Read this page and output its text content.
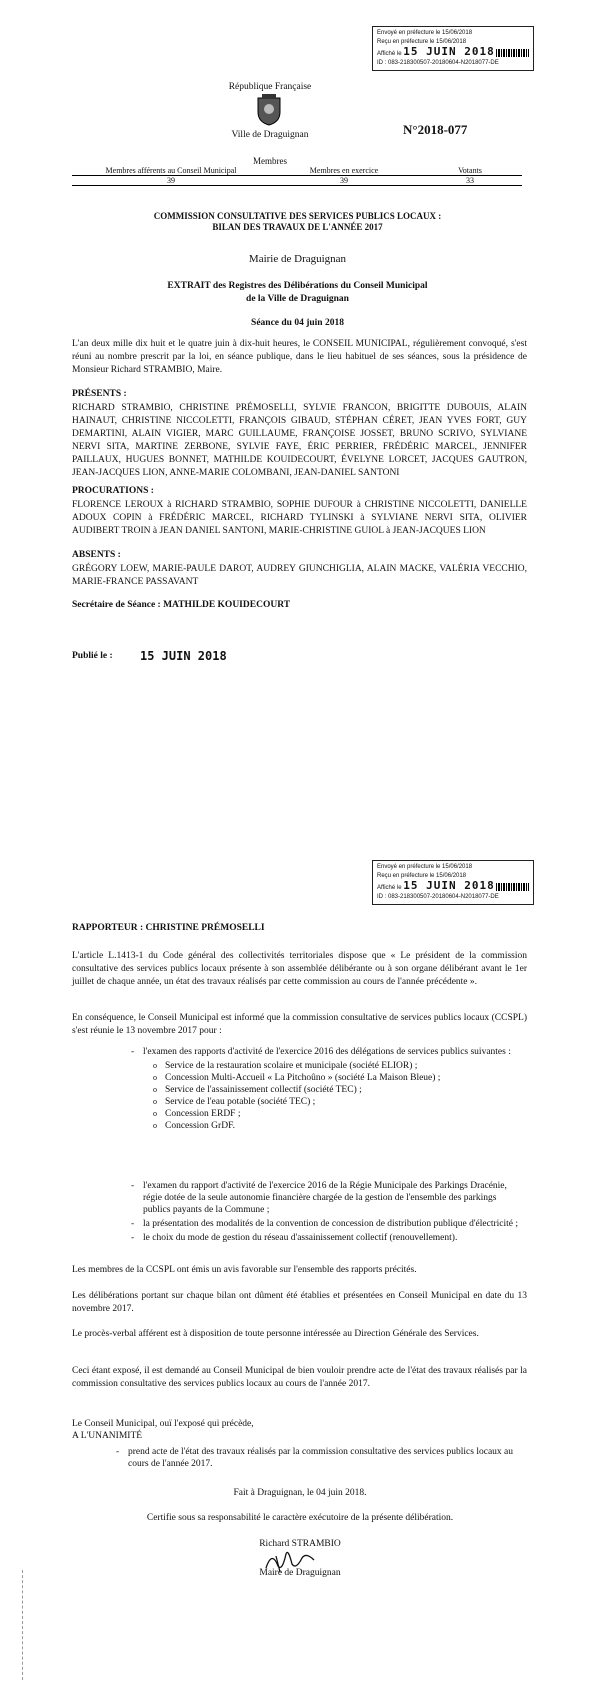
Envoyé en préfecture le 15/06/2018
Reçu en préfecture le 15/06/2018
Affiché le 15 JUIN 2018
ID : 083-218300507-20180604-N2018077-DE
République Française
Ville de Draguignan	N°2018-077
Membres
Membres afférents au Conseil Municipal	Membres en exercice	Votants
39	39	33
COMMISSION CONSULTATIVE DES SERVICES PUBLICS LOCAUX :
BILAN DES TRAVAUX DE L'ANNÉE 2017
Mairie de Draguignan
EXTRAIT des Registres des Délibérations du Conseil Municipal
de la Ville de Draguignan
Séance du 04 juin 2018
L'an deux mille dix huit et le quatre juin à dix-huit heures, le CONSEIL MUNICIPAL, régulièrement convoqué, s'est réuni au nombre prescrit par la loi, en séance publique, dans le lieu habituel de ses séances, sous la présidence de Monsieur Richard STRAMBIO, Maire.
PRÉSENTS :
RICHARD STRAMBIO, CHRISTINE PRÉMOSELLI, SYLVIE FRANCON, BRIGITTE DUBOUIS, ALAIN HAINAUT, CHRISTINE NICCOLETTI, FRANÇOIS GIBAUD, STÉPHAN CÉRET, JEAN YVES FORT, GUY DEMARTINI, ALAIN VIGIER, MARC GUILLAUME, FRANÇOISE JOSSET, BRUNO SCRIVO, SYLVIANE NERVI SITA, MARTINE ZERBONE, SYLVIE FAYE, ÉRIC PERRIER, FRÉDÉRIC MARCEL, JENNIFER PAILLAUX, HUGUES BONNET, MATHILDE KOUIDECOURT, ÉVELYNE LORCET, JACQUES GAUTRON, JEAN-JACQUES LION, ANNE-MARIE COLOMBANI, JEAN-DANIEL SANTONI
PROCURATIONS :
FLORENCE LEROUX à RICHARD STRAMBIO, SOPHIE DUFOUR à CHRISTINE NICCOLETTI, DANIELLE ADOUX COPIN à FRÉDÉRIC MARCEL, RICHARD TYLINSKI à SYLVIANE NERVI SITA, OLIVIER AUDIBERT TROIN à JEAN DANIEL SANTONI, MARIE-CHRISTINE GUIOL à JEAN-JACQUES LION
ABSENTS :
GRÉGORY LOEW, MARIE-PAULE DAROT, AUDREY GIUNCHIGLIA, ALAIN MACKE, VALÉRIA VECCHIO, MARIE-FRANCE PASSAVANT
Secrétaire de Séance : MATHILDE KOUIDECOURT
Publié le : 15 JUIN 2018
Envoyé en préfecture le 15/06/2018
Reçu en préfecture le 15/06/2018
Affiché le 15 JUIN 2018
ID : 083-218300507-20180604-N2018077-DE
RAPPORTEUR : CHRISTINE PRÉMOSELLI
L'article L.1413-1 du Code général des collectivités territoriales dispose que « Le président de la commission consultative des services publics locaux présente à son assemblée délibérante ou à son organe délibérant avant le 1er juillet de chaque année, un état des travaux réalisés par cette commission au cours de l'année précédente ».
En conséquence, le Conseil Municipal est informé que la commission consultative de services publics locaux (CCSPL) s'est réunie le 13 novembre 2017 pour :
- l'examen des rapports d'activité de l'exercice 2016 des délégations de services publics suivantes :
o Service de la restauration scolaire et municipale (société ELIOR) ;
o Concession Multi-Accueil « La Pitchoûno » (société La Maison Bleue) ;
o Service de l'assainissement collectif (société TEC) ;
o Service de l'eau potable (société TEC) ;
o Concession ERDF ;
o Concession GrDF.
- l'examen du rapport d'activité de l'exercice 2016 de la Régie Municipale des Parkings Dracénie, régie dotée de la seule autonomie financière chargée de la gestion de l'ensemble des parkings publics payants de la Commune ;
- la présentation des modalités de la convention de concession de distribution publique d'électricité ;
- le choix du mode de gestion du réseau d'assainissement collectif (renouvellement).
Les membres de la CCSPL ont émis un avis favorable sur l'ensemble des rapports précités.
Les délibérations portant sur chaque bilan ont dûment été établies et présentées en Conseil Municipal en date du 13 novembre 2017.
Le procès-verbal afférent est à disposition de toute personne intéressée au Direction Générale des Services.
Ceci étant exposé, il est demandé au Conseil Municipal de bien vouloir prendre acte de l'état des travaux réalisés par la commission consultative des services publics locaux au cours de l'année 2017.
Le Conseil Municipal, ouï l'exposé qui précède,
A L'UNANIMITÉ
- prend acte de l'état des travaux réalisés par la commission consultative des services publics locaux au cours de l'année 2017.
Fait à Draguignan, le 04 juin 2018.
Certifie sous sa responsabilité le caractère exécutoire de la présente délibération.
Richard STRAMBIO
Maire de Draguignan
